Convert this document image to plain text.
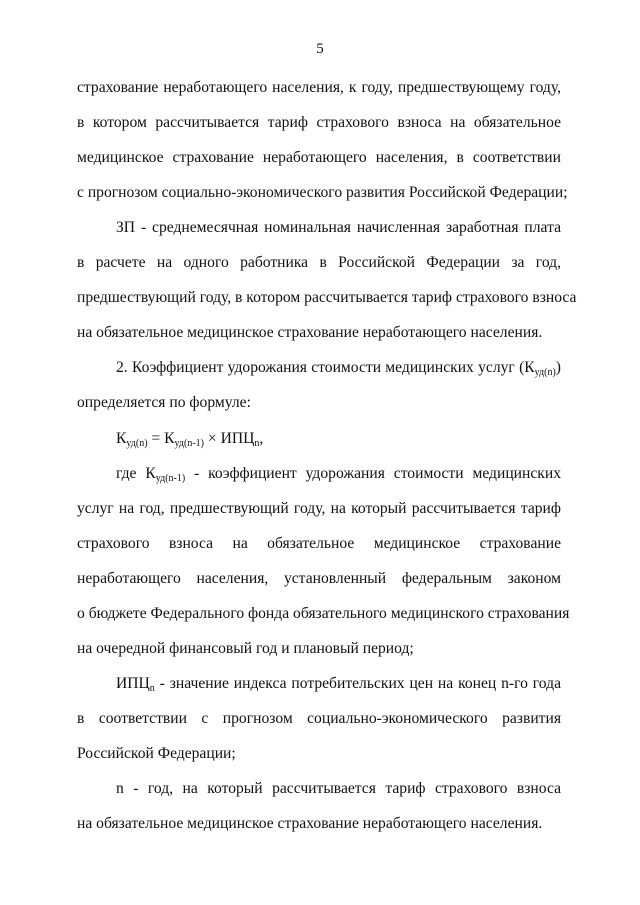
5
страхование неработающего населения, к году, предшествующему году,
в котором рассчитывается тариф страхового взноса на обязательное
медицинское страхование неработающего населения, в соответствии
с прогнозом социально-экономического развития Российской Федерации;
ЗП - среднемесячная номинальная начисленная заработная плата
в расчете на одного работника в Российской Федерации за год,
предшествующий году, в котором рассчитывается тариф страхового взноса
на обязательное медицинское страхование неработающего населения.
2. Коэффициент удорожания стоимости медицинских услуг $(К_{уд(n)})$
определяется по формуле:
$К_{уд(n)} = К_{уд(n-1)} \times ИПЦ_n$,
где $К_{уд(n-1)}$ - коэффициент удорожания стоимости медицинских
услуг на год, предшествующий году, на который рассчитывается тариф
страхового взноса на обязательное медицинское страхование
неработающего населения, установленный федеральным законом
о бюджете Федерального фонда обязательного медицинского страхования
на очередной финансовый год и плановый период;
$ИПЦ_n$ - значение индекса потребительских цен на конец n-го года
в соответствии с прогнозом социально-экономического развития
Российской Федерации;
n - год, на который рассчитывается тариф страхового взноса
на обязательное медицинское страхование неработающего населения.
